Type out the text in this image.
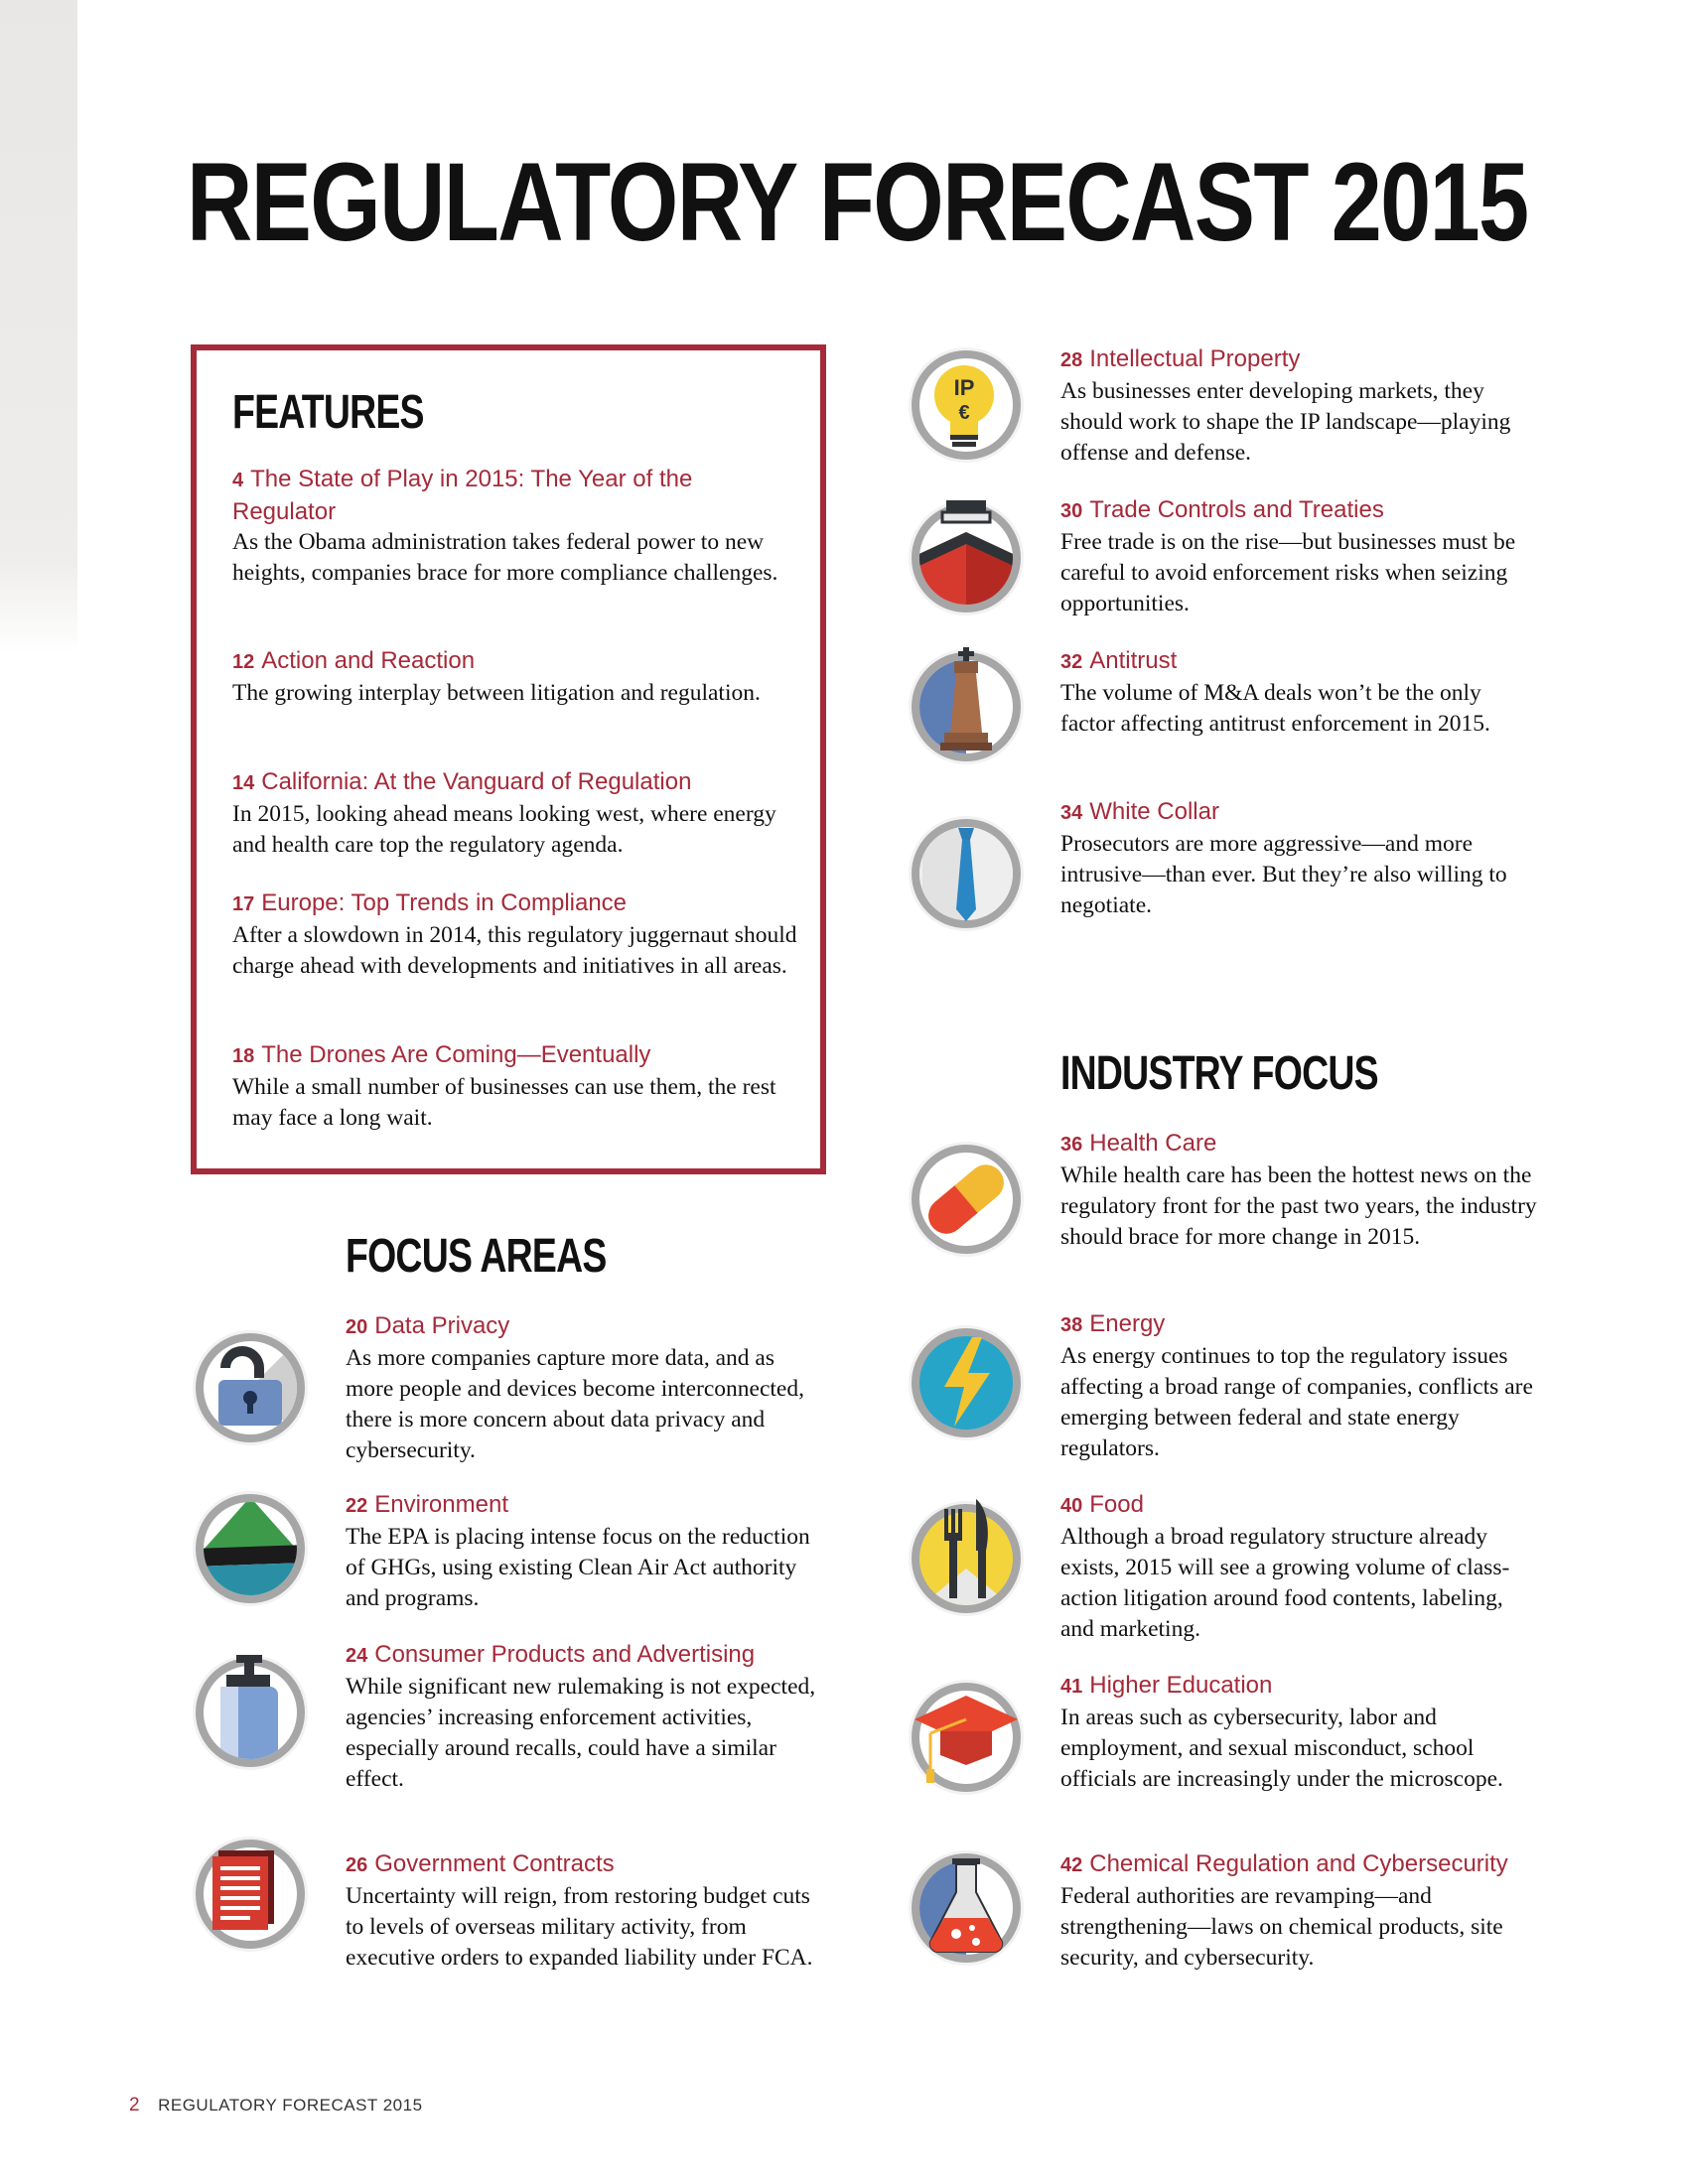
REGULATORY FORECAST 2015
FEATURES
4 The State of Play in 2015: The Year of the Regulator

As the Obama administration takes federal power to new heights, companies brace for more compliance challenges.

12 Action and Reaction

The growing interplay between litigation and regulation.

14 California: At the Vanguard of Regulation

In 2015, looking ahead means looking west, where energy and health care top the regulatory agenda.

17 Europe: Top Trends in Compliance

After a slowdown in 2014, this regulatory juggernaut should charge ahead with developments and initiatives in all areas.

18 The Drones Are Coming—Eventually

While a small number of businesses can use them, the rest may face a long wait.

FOCUS AREAS
20 Data Privacy

As more companies capture more data, and as more people and devices become interconnected, there is more concern about data privacy and cybersecurity.

22 Environment

The EPA is placing intense focus on the reduction of GHGs, using existing Clean Air Act authority and programs.

24 Consumer Products and Advertising

While significant new rulemaking is not expected, agencies’ increasing enforcement activities, especially around recalls, could have a similar effect.

26 Government Contracts

Uncertainty will reign, from restoring budget cuts to levels of overseas military activity, from executive orders to expanded liability under FCA.

IP
€
28 Intellectual Property

As businesses enter developing markets, they should work to shape the IP landscape—playing offense and defense.

30 Trade Controls and Treaties

Free trade is on the rise—but businesses must be careful to avoid enforcement risks when seizing opportunities.

32 Antitrust

The volume of M&A deals won’t be the only factor affecting antitrust enforcement in 2015.

34 White Collar

Prosecutors are more aggressive—and more intrusive—than ever. But they’re also willing to negotiate.

INDUSTRY FOCUS
36 Health Care

While health care has been the hottest news on the regulatory front for the past two years, the industry should brace for more change in 2015.

38 Energy

As energy continues to top the regulatory issues affecting a broad range of companies, conflicts are emerging between federal and state energy regulators.

40 Food

Although a broad regulatory structure already exists, 2015 will see a growing volume of class-action litigation around food contents, labeling, and marketing.

41 Higher Education

In areas such as cybersecurity, labor and employment, and sexual misconduct, school officials are increasingly under the microscope.

42 Chemical Regulation and Cybersecurity

Federal authorities are revamping—and strengthening—laws on chemical products, site security, and cybersecurity.

2 REGULATORY FORECAST 2015
